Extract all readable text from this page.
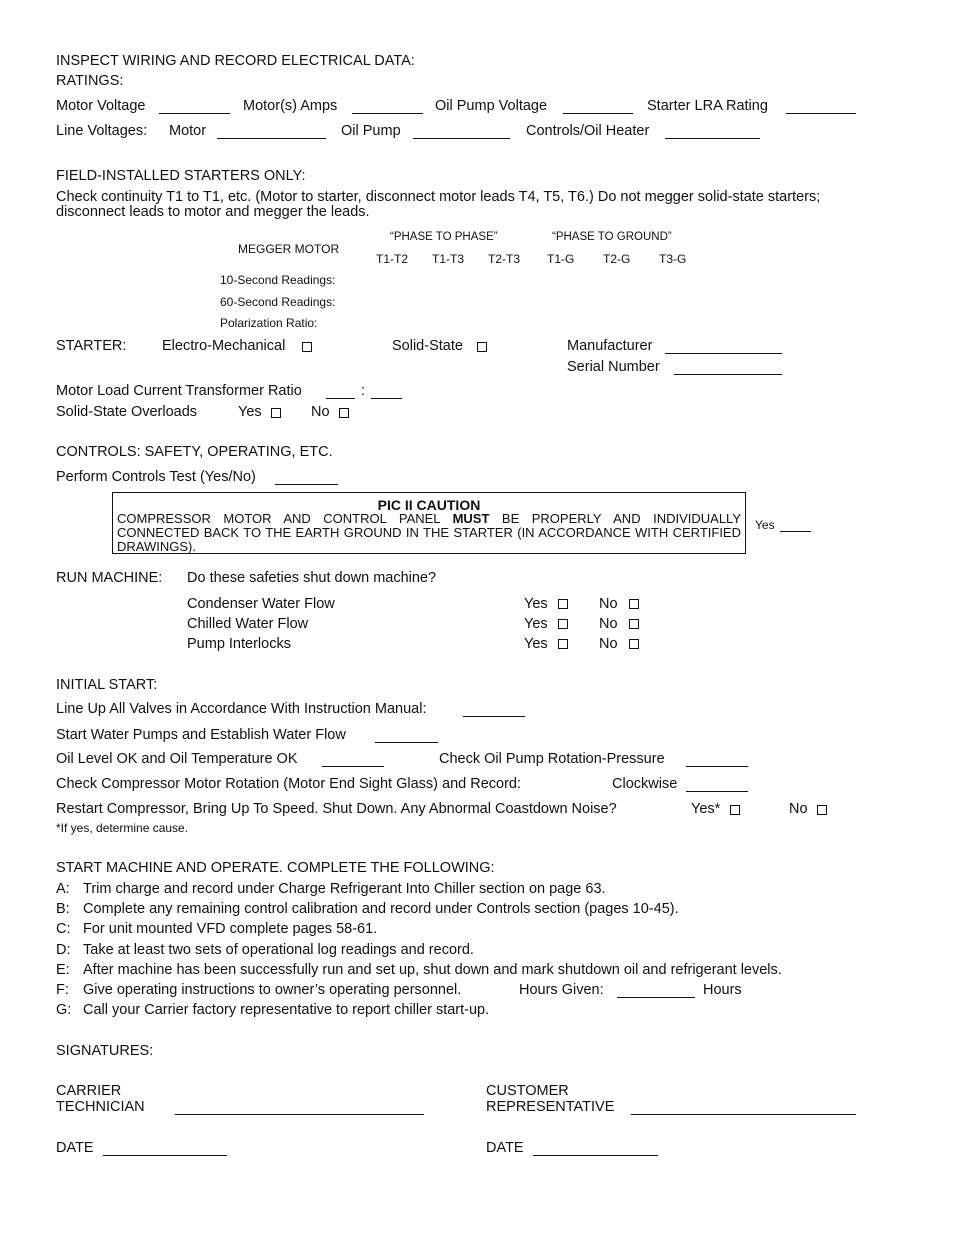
INSPECT WIRING AND RECORD ELECTRICAL DATA:
RATINGS:
Motor Voltage	Motor(s) Amps	Oil Pump Voltage	Starter LRA Rating
Line Voltages: Motor	Oil Pump	Controls/Oil Heater
FIELD-INSTALLED STARTERS ONLY:
Check continuity T1 to T1, etc. (Motor to starter, disconnect motor leads T4, T5, T6.) Do not megger solid-state starters; disconnect leads to motor and megger the leads.
MEGGER MOTOR
“PHASE TO PHASE”	“PHASE TO GROUND”
T1-T2 T1-T3 T2-T3 T1-G T2-G T3-G
10-Second Readings:
60-Second Readings:
Polarization Ratio:
STARTER: Electro-Mechanical	Solid-State	Manufacturer
Serial Number
Motor Load Current Transformer Ratio	:
Solid-State Overloads	Yes	No
CONTROLS: SAFETY, OPERATING, ETC.
Perform Controls Test (Yes/No)
PIC II CAUTION
COMPRESSOR MOTOR AND CONTROL PANEL MUST BE PROPERLY AND INDIVIDUALLY CONNECTED BACK TO THE EARTH GROUND IN THE STARTER (IN ACCORDANCE WITH CERTIFIED DRAWINGS).
Yes
RUN MACHINE: Do these safeties shut down machine?
Condenser Water Flow	Yes	No
Chilled Water Flow	Yes	No
Pump Interlocks	Yes	No
INITIAL START:
Line Up All Valves in Accordance With Instruction Manual:
Start Water Pumps and Establish Water Flow
Oil Level OK and Oil Temperature OK	Check Oil Pump Rotation-Pressure
Check Compressor Motor Rotation (Motor End Sight Glass) and Record:	Clockwise
Restart Compressor, Bring Up To Speed. Shut Down. Any Abnormal Coastdown Noise?	Yes*	No
*If yes, determine cause.
START MACHINE AND OPERATE. COMPLETE THE FOLLOWING:
A: Trim charge and record under Charge Refrigerant Into Chiller section on page 63.
B: Complete any remaining control calibration and record under Controls section (pages 10-45).
C: For unit mounted VFD complete pages 58-61.
D: Take at least two sets of operational log readings and record.
E: After machine has been successfully run and set up, shut down and mark shutdown oil and refrigerant levels.
F: Give operating instructions to owner’s operating personnel.	Hours Given:	Hours
G: Call your Carrier factory representative to report chiller start-up.
SIGNATURES:
CARRIER
TECHNICIAN
CUSTOMER
REPRESENTATIVE
DATE	DATE
